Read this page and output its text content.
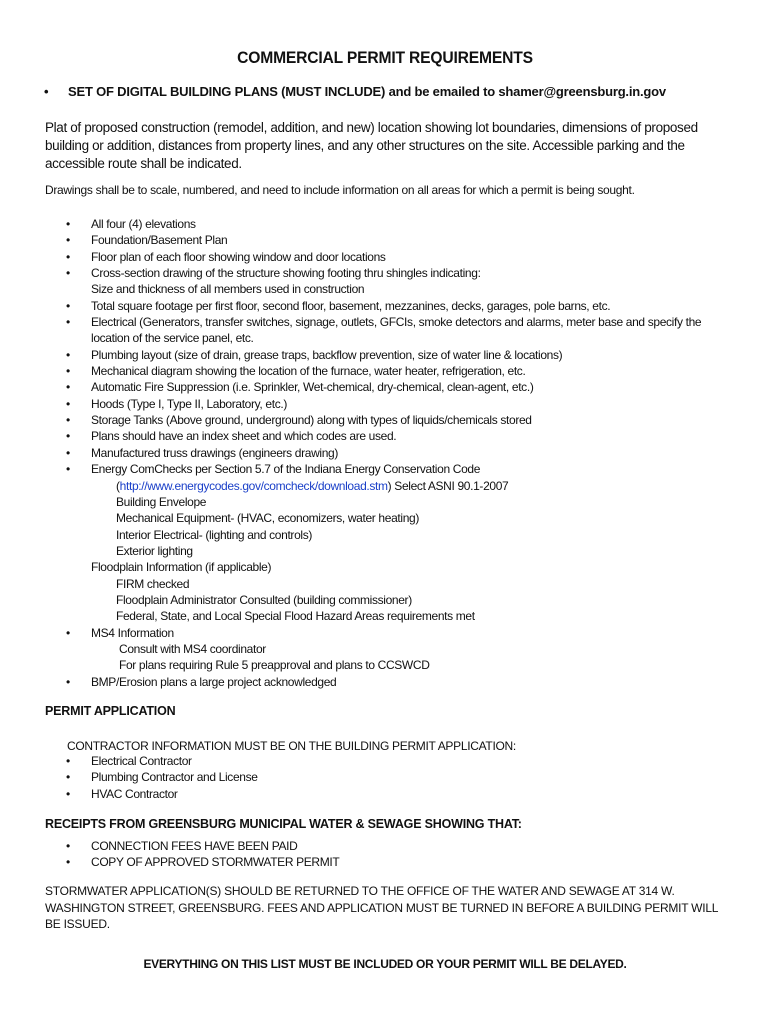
COMMERCIAL PERMIT REQUIREMENTS
• SET OF DIGITAL BUILDING PLANS (MUST INCLUDE) and be emailed to shamer@greensburg.in.gov
Plat of proposed construction (remodel, addition, and new) location showing lot boundaries, dimensions of proposed building or addition, distances from property lines, and any other structures on the site. Accessible parking and the accessible route shall be indicated.
Drawings shall be to scale, numbered, and need to include information on all areas for which a permit is being sought.
•	All four (4) elevations
•	Foundation/Basement Plan
•	Floor plan of each floor showing window and door locations
•	Cross-section drawing of the structure showing footing thru shingles indicating:
Size and thickness of all members used in construction
•	Total square footage per first floor, second floor, basement, mezzanines, decks, garages, pole barns, etc.
•	Electrical (Generators, transfer switches, signage, outlets, GFCIs, smoke detectors and alarms, meter base and specify the location of the service panel, etc.
•	Plumbing layout (size of drain, grease traps, backflow prevention, size of water line & locations)
•	Mechanical diagram showing the location of the furnace, water heater, refrigeration, etc.
•	Automatic Fire Suppression (i.e. Sprinkler, Wet-chemical, dry-chemical, clean-agent, etc.)
•	Hoods (Type I, Type II, Laboratory, etc.)
•	Storage Tanks (Above ground, underground) along with types of liquids/chemicals stored
•	Plans should have an index sheet and which codes are used.
•	Manufactured truss drawings (engineers drawing)
•	Energy ComChecks per Section 5.7 of the Indiana Energy Conservation Code
(http://www.energycodes.gov/comcheck/download.stm) Select ASNI 90.1-2007
Building Envelope
Mechanical Equipment- (HVAC, economizers, water heating)
Interior Electrical- (lighting and controls)
Exterior lighting
Floodplain Information (if applicable)
FIRM checked
Floodplain Administrator Consulted (building commissioner)
Federal, State, and Local Special Flood Hazard Areas requirements met
•	MS4 Information
Consult with MS4 coordinator
For plans requiring Rule 5 preapproval and plans to CCSWCD
•	BMP/Erosion plans a large project acknowledged
PERMIT APPLICATION
CONTRACTOR INFORMATION MUST BE ON THE BUILDING PERMIT APPLICATION:
•	Electrical Contractor
•	Plumbing Contractor and License
•	HVAC Contractor
RECEIPTS FROM GREENSBURG MUNICIPAL WATER & SEWAGE SHOWING THAT:
•	CONNECTION FEES HAVE BEEN PAID
•	COPY OF APPROVED STORMWATER PERMIT
STORMWATER APPLICATION(S) SHOULD BE RETURNED TO THE OFFICE OF THE WATER AND SEWAGE AT 314 W. WASHINGTON STREET, GREENSBURG. FEES AND APPLICATION MUST BE TURNED IN BEFORE A BUILDING PERMIT WILL BE ISSUED.
EVERYTHING ON THIS LIST MUST BE INCLUDED OR YOUR PERMIT WILL BE DELAYED.
